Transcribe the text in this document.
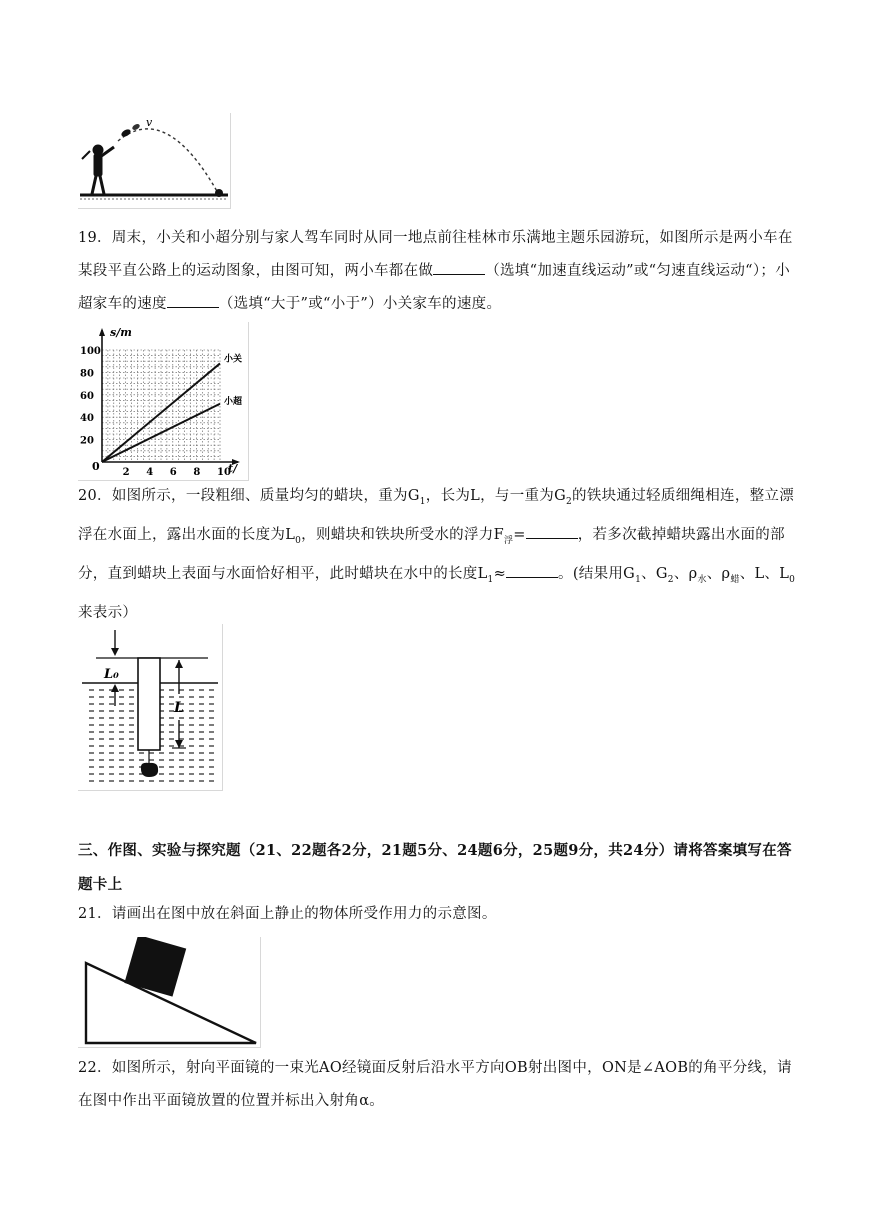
v
19．周末，小关和小超分别与家人驾车同时从同一地点前往桂林市乐满地主题乐园游玩，如图所示是两小车在某段平直公路上的运动图象，由图可知，两小车都在做	（选填“加速直线运动”或“匀速直线运动“）；小超家车的速度	（选填“大于”或“小于”）小关家车的速度。
2 4 6 8 10
20
40
60
80
100
小关
小超
s/m
t/
0
20．如图所示，一段粗细、质量均匀的蜡块，重为$G_1$，长为L，与一重为$G_2$的铁块通过轻质细绳相连，整立漂浮在水面上，露出水面的长度为$L_0$，则蜡块和铁块所受水的浮力$F_浮=$	，若多次截掉蜡块露出水面的部分，直到蜡块上表面与水面恰好相平，此时蜡块在水中的长度$L_1\approx$	。(结果用$G_1$、$G_2$、$\rho_水$、$\rho_蜡$、L、$L_0$来表示）
L₀
L
三、作图、实验与探究题（21、22题各2分，21题5分、24题6分，25题9分，共24分）请将答案填写在答题卡上
21．请画出在图中放在斜面上静止的物体所受作用力的示意图。
22．如图所示，射向平面镜的一束光AO经镜面反射后沿水平方向OB射出图中，ON是∠AOB的角平分线，请在图中作出平面镜放置的位置并标出入射角α。
